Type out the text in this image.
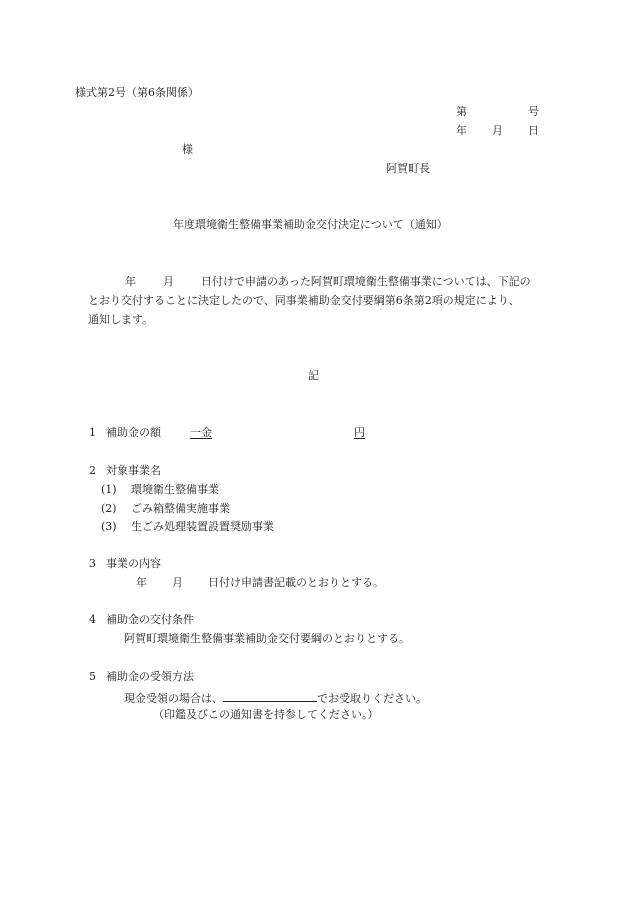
様式第2号（第6条関係）
第	号
年 月 日
様
阿賀町長
年度環境衛生整備事業補助金交付決定について（通知）
年 月 日付けで申請のあった阿賀町環境衛生整備事業については、下記の
とおり交付することに決定したので、同事業補助金交付要綱第6条第2項の規定により、
通知します。
記
1 補助金の額	一金	円
2 対象事業名
(1) 環境衛生整備事業
(2) ごみ箱整備実施事業
(3) 生ごみ処理装置設置奨励事業
3 事業の内容
年 月 日付け申請書記載のとおりとする。
4 補助金の交付条件
阿賀町環境衛生整備事業補助金交付要綱のとおりとする。
5 補助金の受領方法
現金受領の場合は、	でお受取りください。
（印鑑及びこの通知書を持参してください。）
